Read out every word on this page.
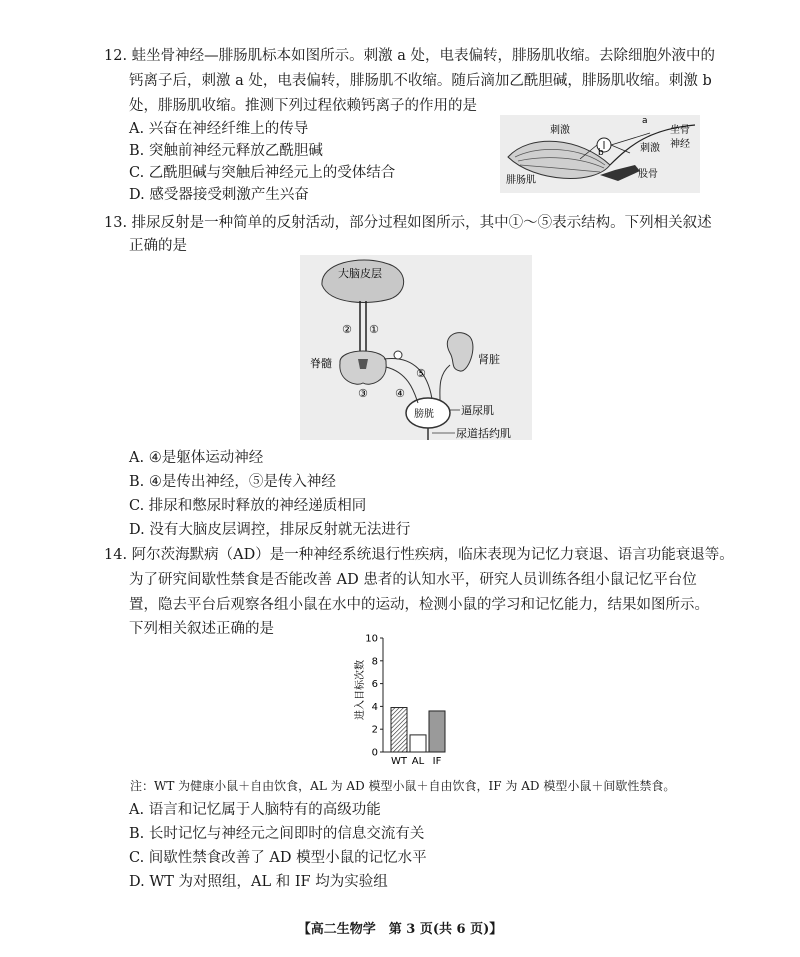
12. 蛙坐骨神经—腓肠肌标本如图所示。刺激 a 处，电表偏转，腓肠肌收缩。去除细胞外液中的
钙离子后，刺激 a 处，电表偏转，腓肠肌不收缩。随后滴加乙酰胆碱，腓肠肌收缩。刺激 b
处，腓肠肌收缩。推测下列过程依赖钙离子的作用的是
A. 兴奋在神经纤维上的传导
B. 突触前神经元释放乙酰胆碱
C. 乙酰胆碱与突触后神经元上的受体结合
D. 感受器接受刺激产生兴奋
a
b
刺激
刺激
坐骨
神经
腓肠肌
股骨
13. 排尿反射是一种简单的反射活动，部分过程如图所示，其中①～⑤表示结构。下列相关叙述
正确的是
大脑皮层
② ①
脊髓
③
肾脏
膀胱
④
⑤
逼尿肌
尿道括约肌
A. ④是躯体运动神经
B. ④是传出神经，⑤是传入神经
C. 排尿和憋尿时释放的神经递质相同
D. 没有大脑皮层调控，排尿反射就无法进行
14. 阿尔茨海默病（AD）是一种神经系统退行性疾病，临床表现为记忆力衰退、语言功能衰退等。
为了研究间歇性禁食是否能改善 AD 患者的认知水平，研究人员训练各组小鼠记忆平台位
置，隐去平台后观察各组小鼠在水中的运动，检测小鼠的学习和记忆能力，结果如图所示。
下列相关叙述正确的是
0
2
4
6
8
10
进入目标次数
WT AL IF
注：WT 为健康小鼠＋自由饮食，AL 为 AD 模型小鼠＋自由饮食，IF 为 AD 模型小鼠＋间歇性禁食。
A. 语言和记忆属于人脑特有的高级功能
B. 长时记忆与神经元之间即时的信息交流有关
C. 间歇性禁食改善了 AD 模型小鼠的记忆水平
D. WT 为对照组，AL 和 IF 均为实验组
【高二生物学　第 3 页(共 6 页)】
